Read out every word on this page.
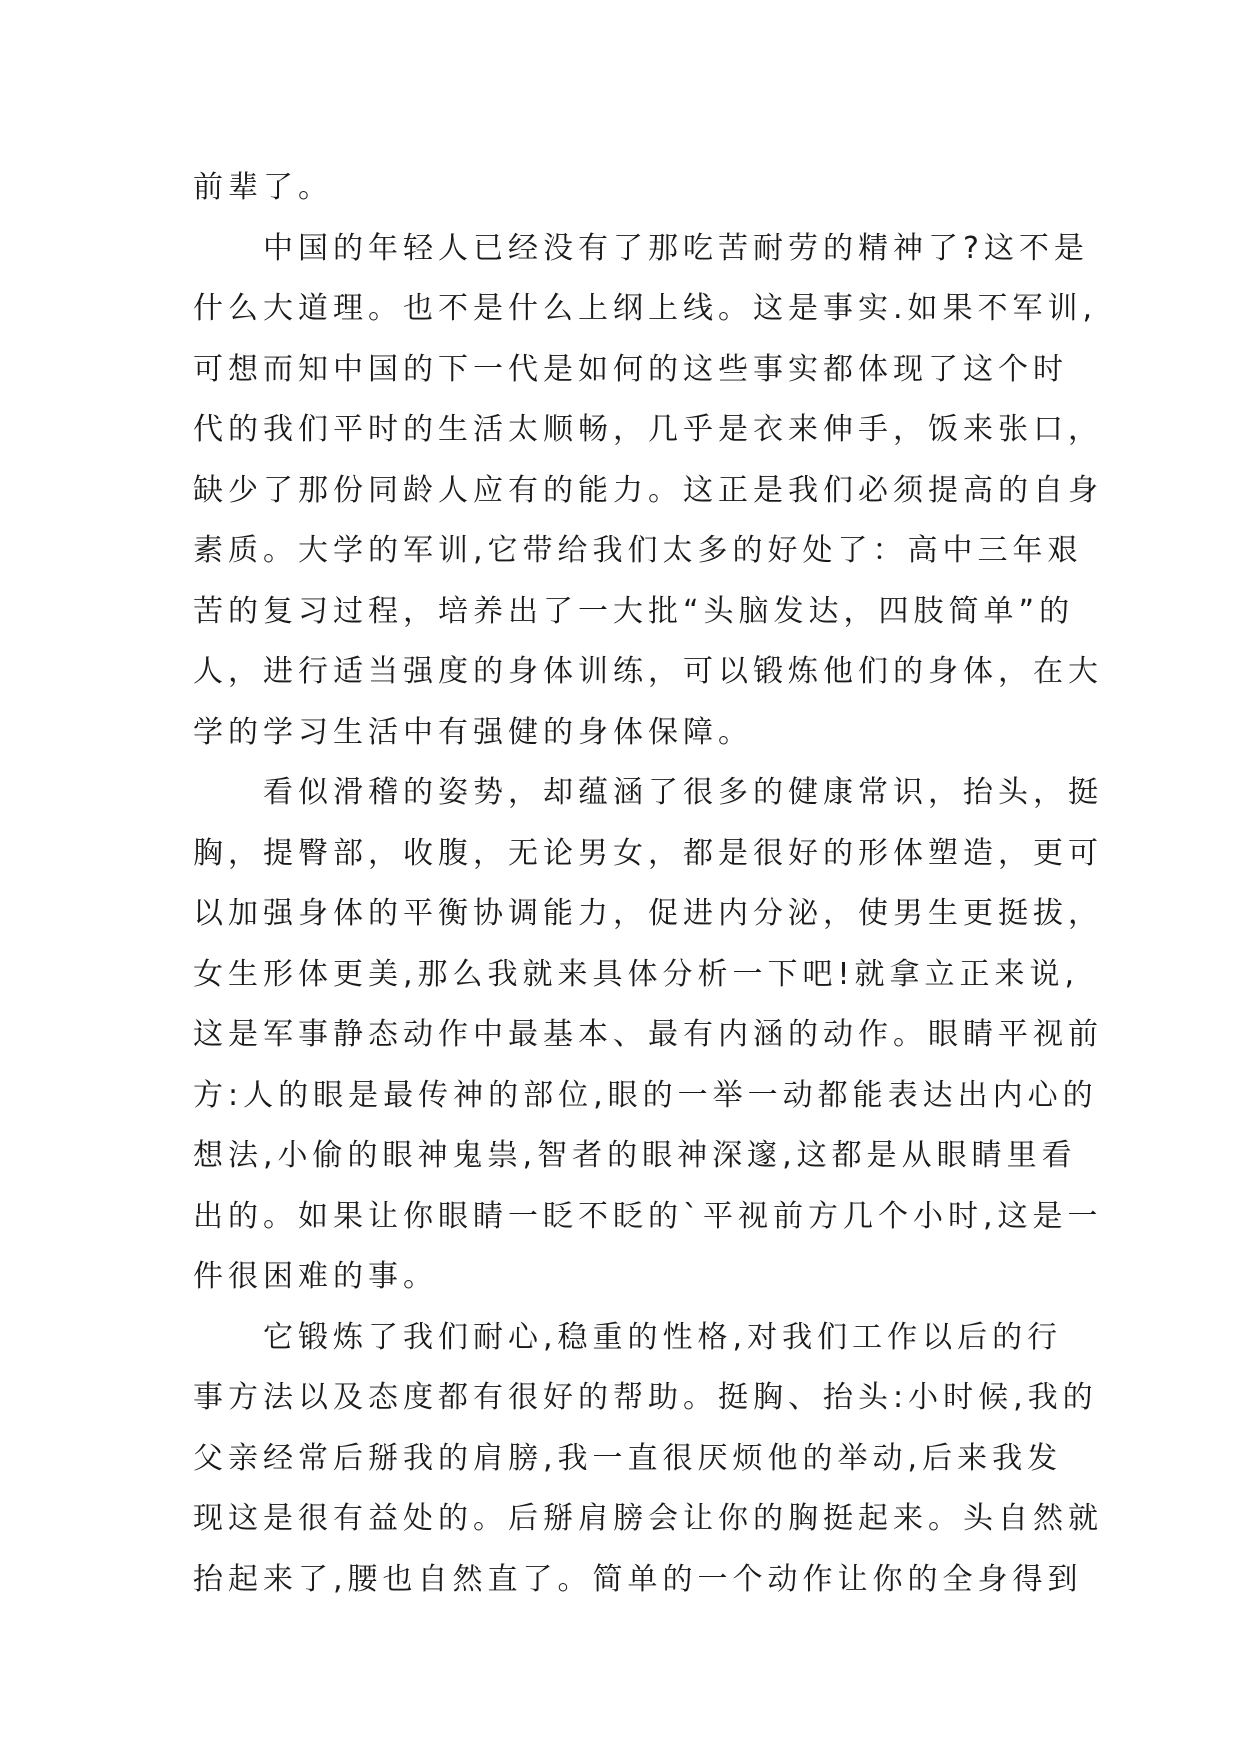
前辈了。
中国的年轻人已经没有了那吃苦耐劳的精神了?这不是
什么大道理。也不是什么上纲上线。这是事实.如果不军训,
可想而知中国的下一代是如何的这些事实都体现了这个时
代的我们平时的生活太顺畅，几乎是衣来伸手，饭来张口，
缺少了那份同龄人应有的能力。这正是我们必须提高的自身
素质。大学的军训,它带给我们太多的好处了：高中三年艰
苦的复习过程，培养出了一大批“头脑发达，四肢简单”的
人，进行适当强度的身体训练，可以锻炼他们的身体，在大
学的学习生活中有强健的身体保障。
看似滑稽的姿势，却蕴涵了很多的健康常识，抬头，挺
胸，提臀部，收腹，无论男女，都是很好的形体塑造，更可
以加强身体的平衡协调能力，促进内分泌，使男生更挺拔，
女生形体更美,那么我就来具体分析一下吧!就拿立正来说,
这是军事静态动作中最基本、最有内涵的动作。眼睛平视前
方:人的眼是最传神的部位,眼的一举一动都能表达出内心的
想法,小偷的眼神鬼祟,智者的眼神深邃,这都是从眼睛里看
出的。如果让你眼睛一眨不眨的`平视前方几个小时,这是一
件很困难的事。
它锻炼了我们耐心,稳重的性格,对我们工作以后的行
事方法以及态度都有很好的帮助。挺胸、抬头:小时候,我的
父亲经常后掰我的肩膀,我一直很厌烦他的举动,后来我发
现这是很有益处的。后掰肩膀会让你的胸挺起来。头自然就
抬起来了,腰也自然直了。简单的一个动作让你的全身得到
